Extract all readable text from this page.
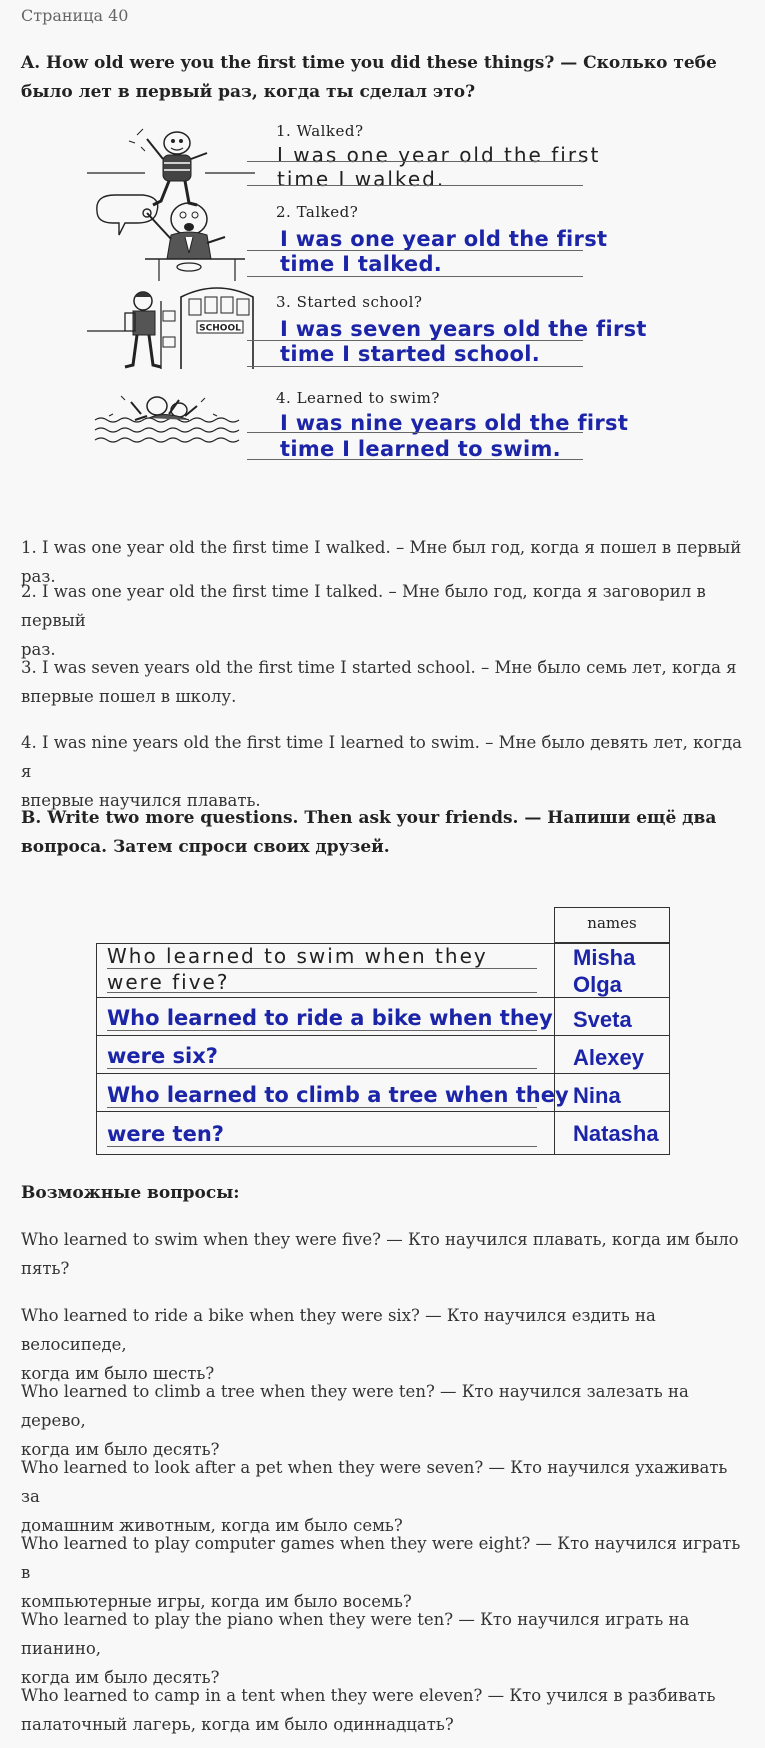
Страница 40
A. How old were you the first time you did these things? — Сколько тебе
было лет в первый раз, когда ты сделал это?
1. Walked?
I was one year old the first
time I walked.
2. Talked?
I was one year old the first
time I talked.
SCHOOL
3. Started school?
I was seven years old the first
time I started school.
4. Learned to swim?
I was nine years old the first
time I learned to swim.
1. I was one year old the first time I walked. – Мне был год, когда я пошел в первый раз.
2. I was one year old the first time I talked. – Мне было год, когда я заговорил в первый
раз.
3. I was seven years old the first time I started school. – Мне было семь лет, когда я
впервые пошел в школу.
4. I was nine years old the first time I learned to swim. – Мне было девять лет, когда я
впервые научился плавать.
B. Write two more questions. Then ask your friends. — Напиши ещё два
вопроса. Затем спроси своих друзей.
names
Who learned to swim when they
were five?
Who learned to ride a bike when they
were six?
Who learned to climb a tree when they
were ten?
Misha
Olga
Sveta
Alexey
Nina
Natasha
Возможные вопросы:
Who learned to swim when they were five? — Кто научился плавать, когда им было
пять?
Who learned to ride a bike when they were six? — Кто научился ездить на велосипеде,
когда им было шесть?
Who learned to climb a tree when they were ten? — Кто научился залезать на дерево,
когда им было десять?
Who learned to look after a pet when they were seven? — Кто научился ухаживать за
домашним животным, когда им было семь?
Who learned to play computer games when they were eight? — Кто научился играть в
компьютерные игры, когда им было восемь?
Who learned to play the piano when they were ten? — Кто научился играть на пианино,
когда им было десять?
Who learned to camp in a tent when they were eleven? — Кто учился в разбивать
палаточный лагерь, когда им было одиннадцать?
